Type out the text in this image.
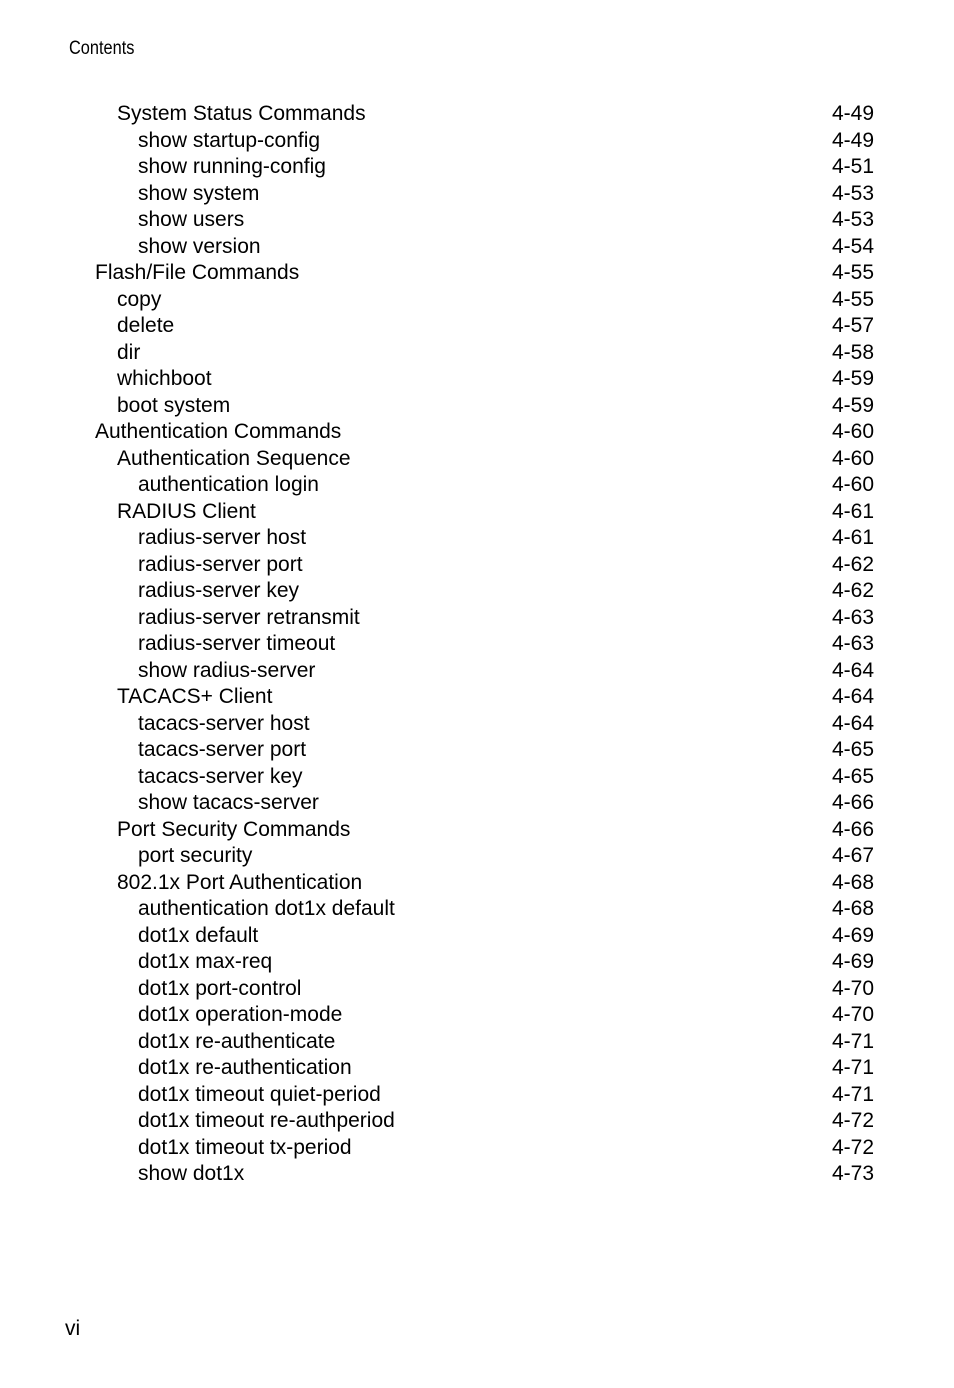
Contents
System Status Commands	4-49
show startup-config	4-49
show running-config	4-51
show system	4-53
show users	4-53
show version	4-54
Flash/File Commands	4-55
copy	4-55
delete	4-57
dir	4-58
whichboot	4-59
boot system	4-59
Authentication Commands	4-60
Authentication Sequence	4-60
authentication login	4-60
RADIUS Client	4-61
radius-server host	4-61
radius-server port	4-62
radius-server key	4-62
radius-server retransmit	4-63
radius-server timeout	4-63
show radius-server	4-64
TACACS+ Client	4-64
tacacs-server host	4-64
tacacs-server port	4-65
tacacs-server key	4-65
show tacacs-server	4-66
Port Security Commands	4-66
port security	4-67
802.1x Port Authentication	4-68
authentication dot1x default	4-68
dot1x default	4-69
dot1x max-req	4-69
dot1x port-control	4-70
dot1x operation-mode	4-70
dot1x re-authenticate	4-71
dot1x re-authentication	4-71
dot1x timeout quiet-period	4-71
dot1x timeout re-authperiod	4-72
dot1x timeout tx-period	4-72
show dot1x	4-73
vi
